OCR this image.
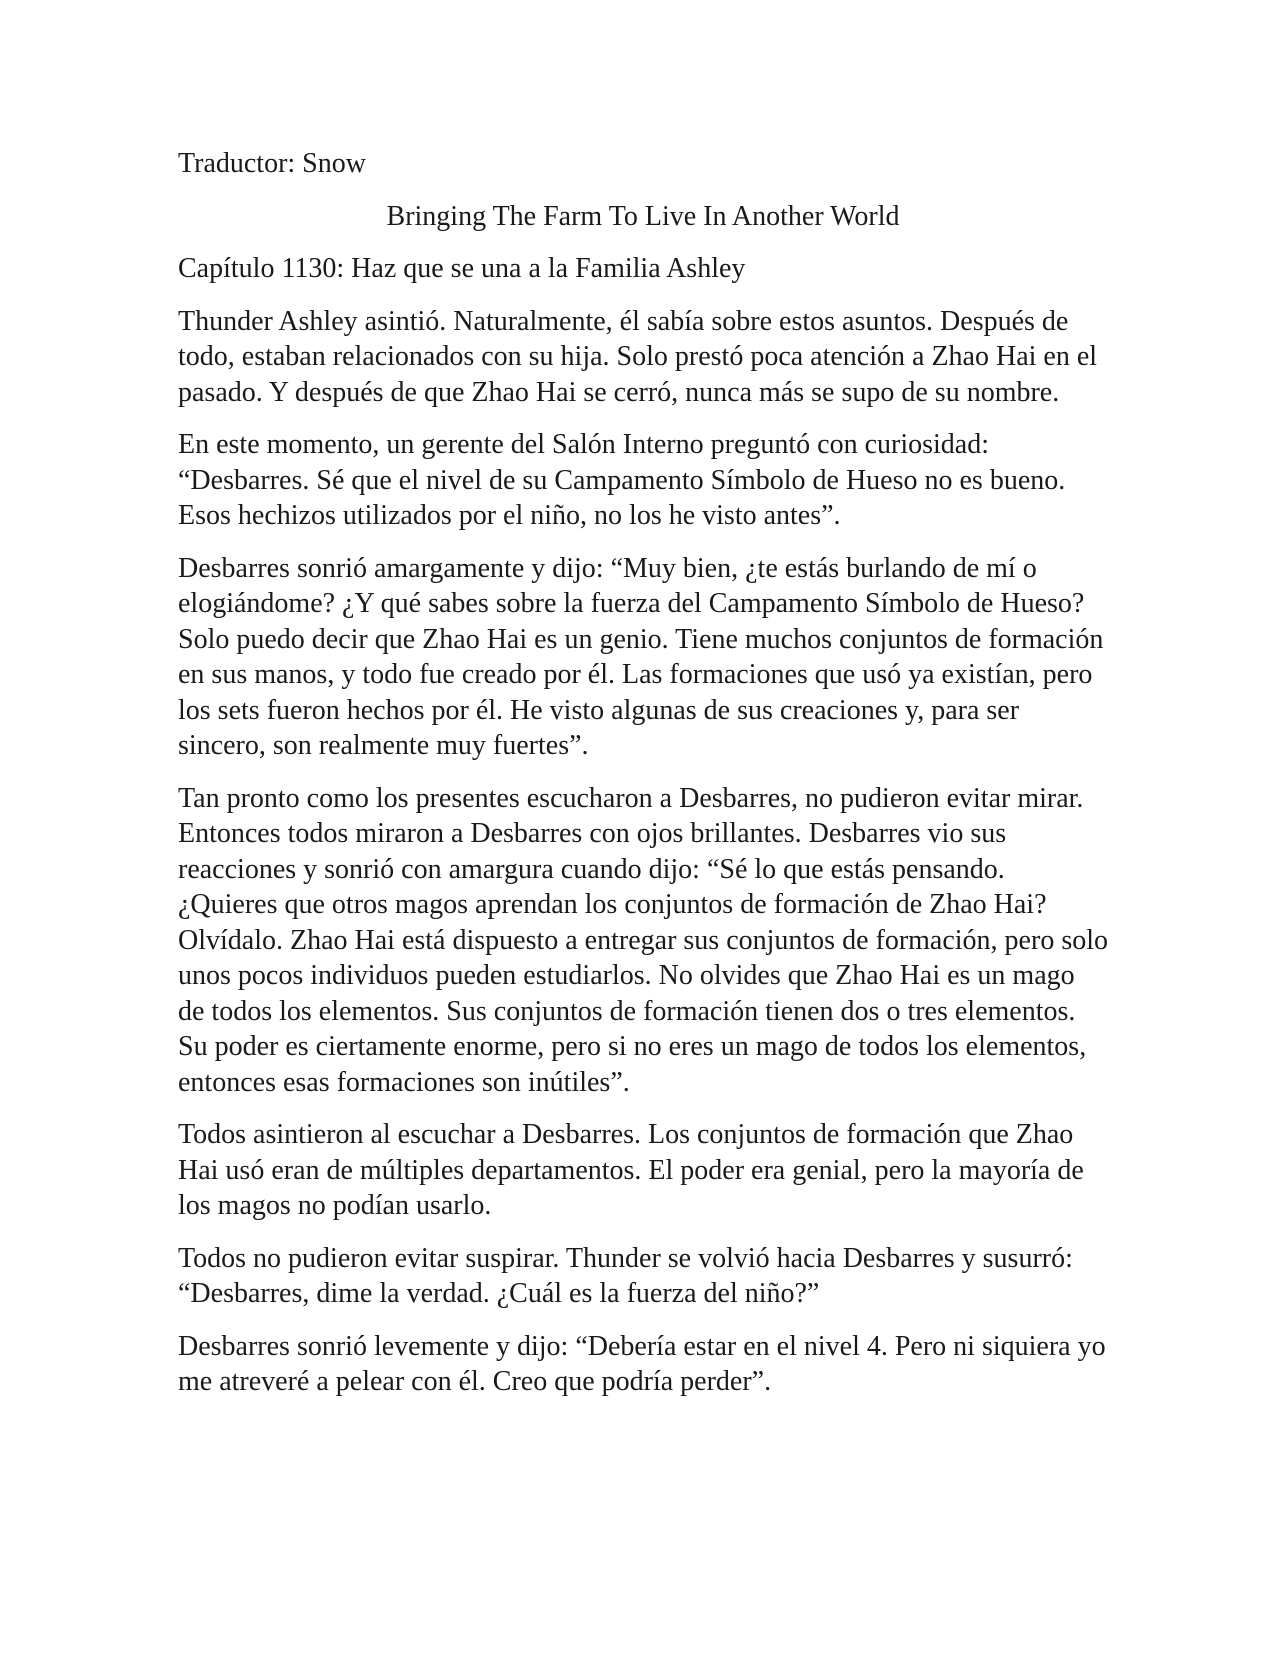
Traductor: Snow

Bringing The Farm To Live In Another World

Capítulo 1130: Haz que se una a la Familia Ashley

Thunder Ashley asintió. Naturalmente, él sabía sobre estos asuntos. Después de todo, estaban relacionados con su hija. Solo prestó poca atención a Zhao Hai en el pasado. Y después de que Zhao Hai se cerró, nunca más se supo de su nombre.

En este momento, un gerente del Salón Interno preguntó con curiosidad: “Desbarres. Sé que el nivel de su Campamento Símbolo de Hueso no es bueno. Esos hechizos utilizados por el niño, no los he visto antes”.

Desbarres sonrió amargamente y dijo: “Muy bien, ¿te estás burlando de mí o elogiándome? ¿Y qué sabes sobre la fuerza del Campamento Símbolo de Hueso? Solo puedo decir que Zhao Hai es un genio. Tiene muchos conjuntos de formación en sus manos, y todo fue creado por él. Las formaciones que usó ya existían, pero los sets fueron hechos por él. He visto algunas de sus creaciones y, para ser sincero, son realmente muy fuertes”.

Tan pronto como los presentes escucharon a Desbarres, no pudieron evitar mirar. Entonces todos miraron a Desbarres con ojos brillantes. Desbarres vio sus reacciones y sonrió con amargura cuando dijo: “Sé lo que estás pensando. ¿Quieres que otros magos aprendan los conjuntos de formación de Zhao Hai? Olvídalo. Zhao Hai está dispuesto a entregar sus conjuntos de formación, pero solo unos pocos individuos pueden estudiarlos. No olvides que Zhao Hai es un mago de todos los elementos. Sus conjuntos de formación tienen dos o tres elementos. Su poder es ciertamente enorme, pero si no eres un mago de todos los elementos, entonces esas formaciones son inútiles”.

Todos asintieron al escuchar a Desbarres. Los conjuntos de formación que Zhao Hai usó eran de múltiples departamentos. El poder era genial, pero la mayoría de los magos no podían usarlo.

Todos no pudieron evitar suspirar. Thunder se volvió hacia Desbarres y susurró: “Desbarres, dime la verdad. ¿Cuál es la fuerza del niño?”

Desbarres sonrió levemente y dijo: “Debería estar en el nivel 4. Pero ni siquiera yo me atreveré a pelear con él. Creo que podría perder”.
